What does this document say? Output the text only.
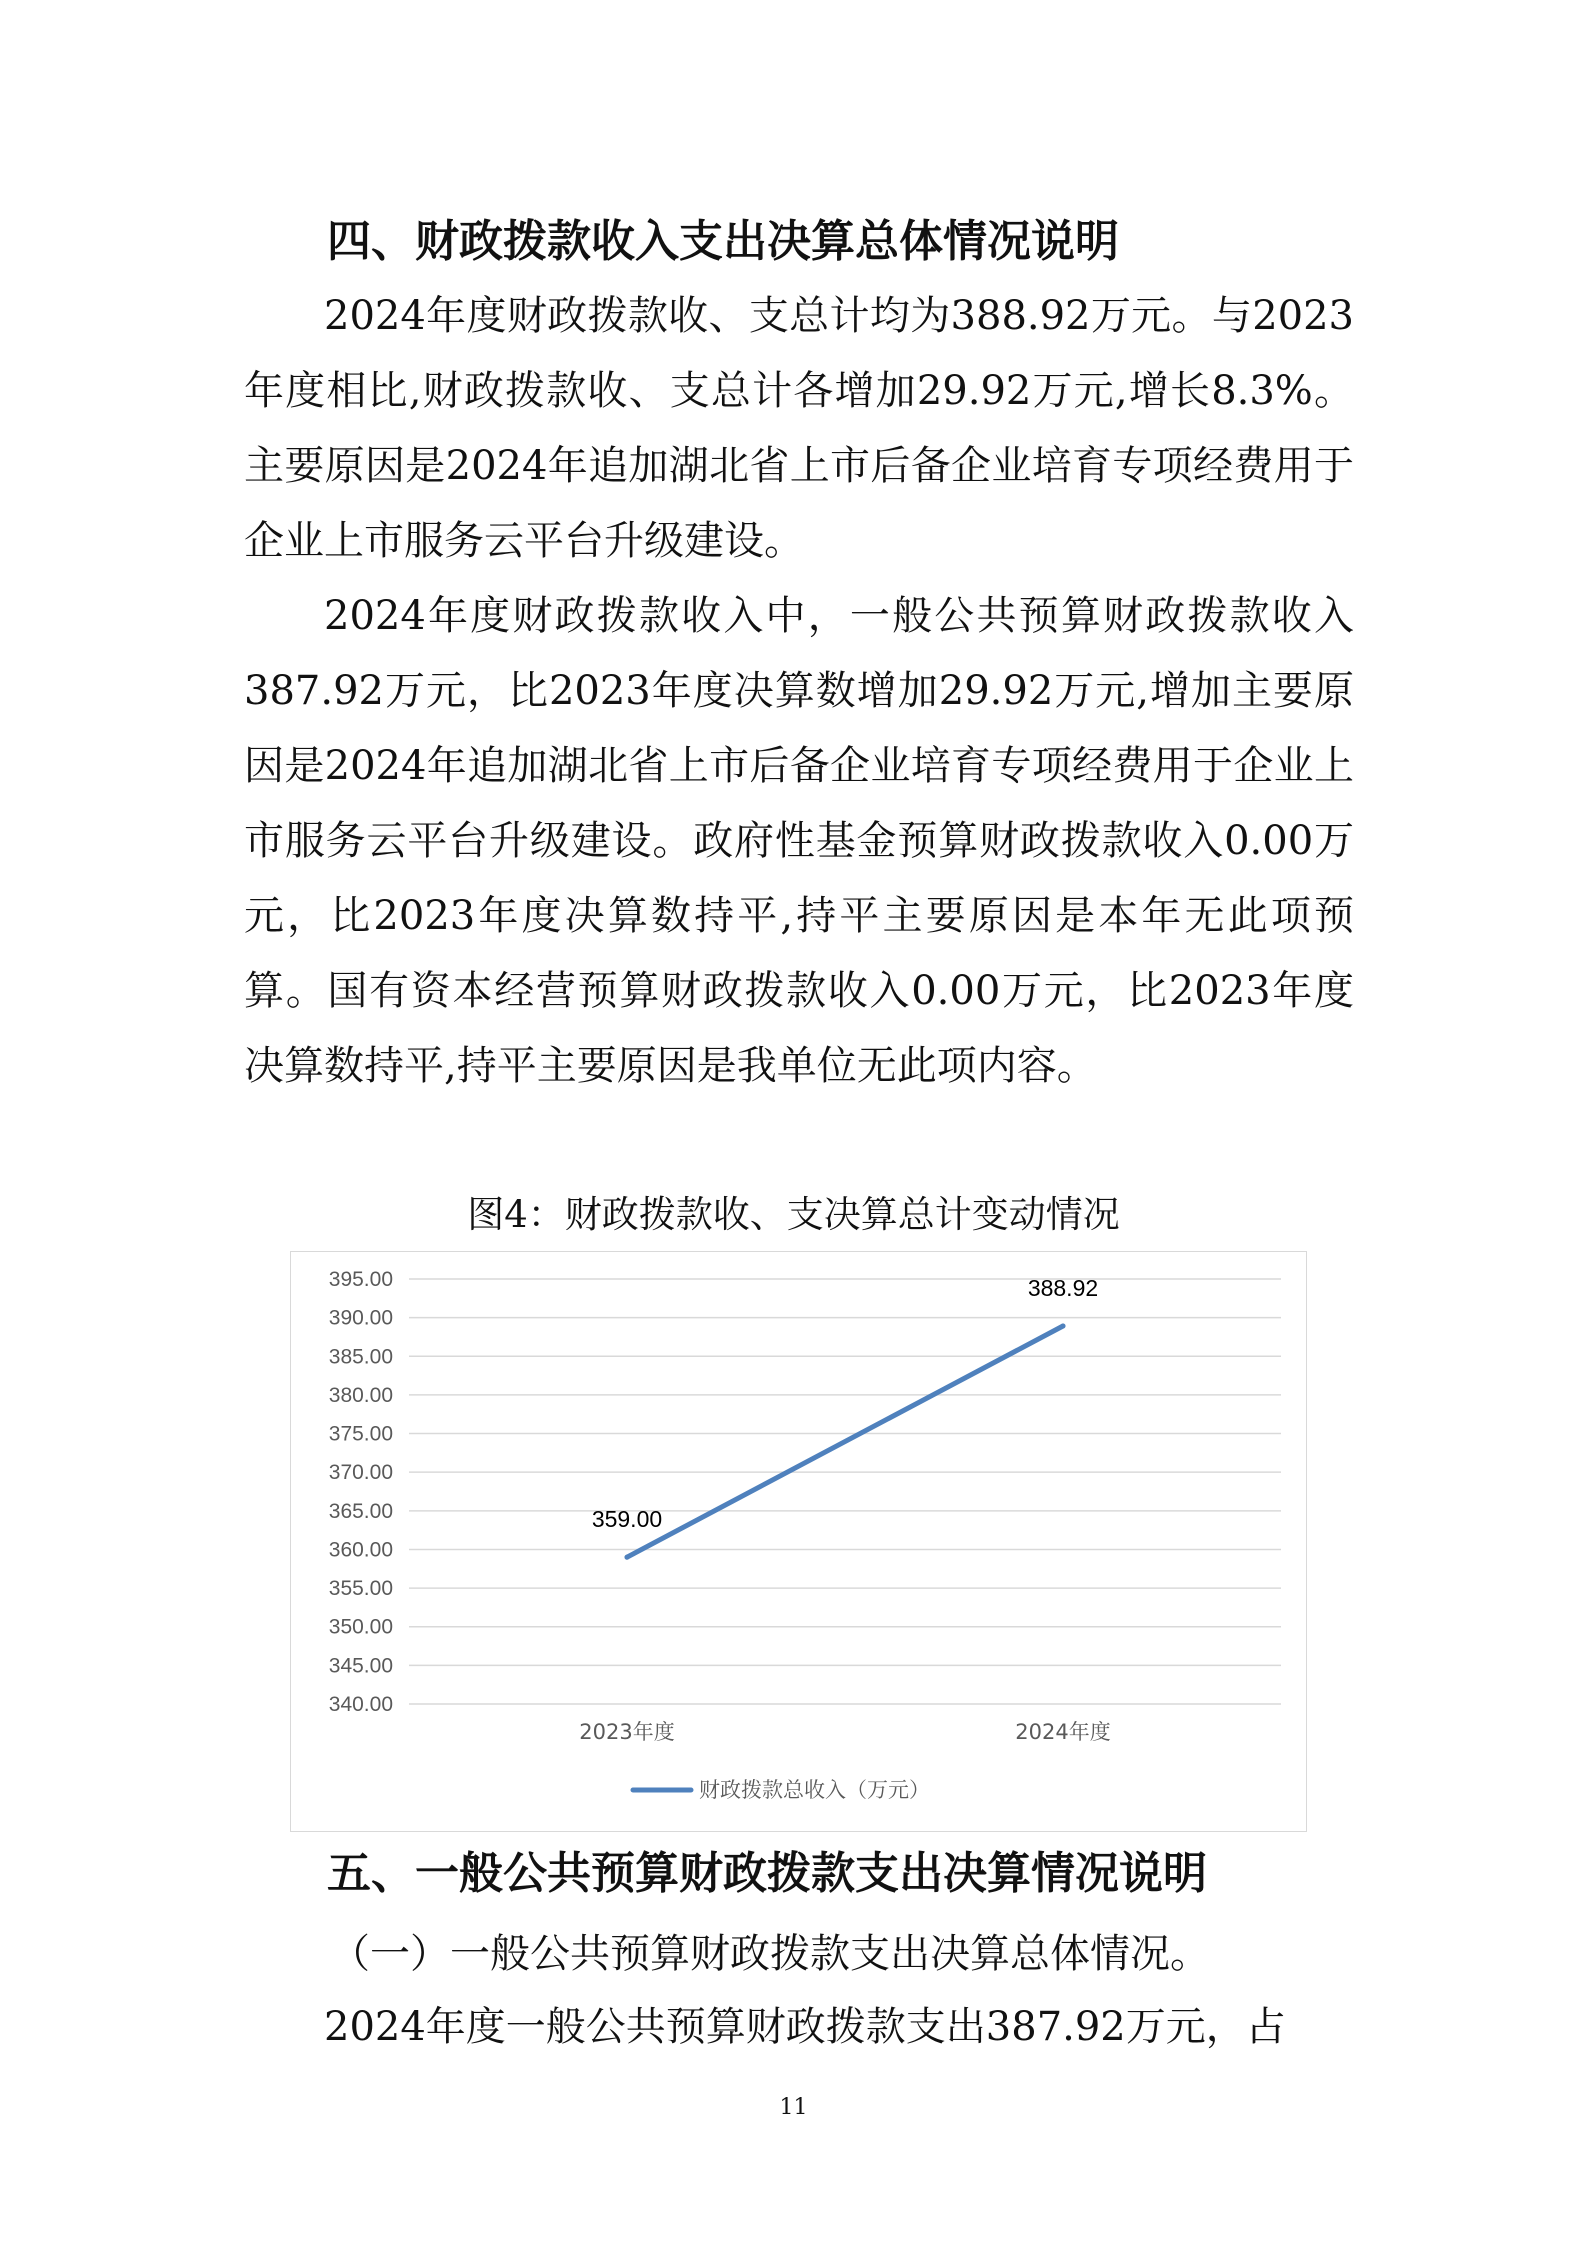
四、财政拨款收入支出决算总体情况说明

2024年度财政拨款收、支总计均为388.92万元。与2023年度相比,财政拨款收、支总计各增加29.92万元,增长8.3%。主要原因是2024年追加湖北省上市后备企业培育专项经费用于企业上市服务云平台升级建设。

2024年度财政拨款收入中，一般公共预算财政拨款收入387.92万元，比2023年度决算数增加29.92万元,增加主要原因是2024年追加湖北省上市后备企业培育专项经费用于企业上市服务云平台升级建设。政府性基金预算财政拨款收入0.00万元，比2023年度决算数持平,持平主要原因是本年无此项预算。国有资本经营预算财政拨款收入0.00万元，比2023年度决算数持平,持平主要原因是我单位无此项内容。

图4：财政拨款收、支决算总计变动情况

340.00
345.00
350.00
355.00
360.00
365.00
370.00
375.00
380.00
385.00
390.00
395.00
2023年度	2024年度
359.00
388.92
财政拨款总收入（万元）
五、一般公共预算财政拨款支出决算情况说明

（一）一般公共预算财政拨款支出决算总体情况。

2024年度一般公共预算财政拨款支出387.92万元，占

11
